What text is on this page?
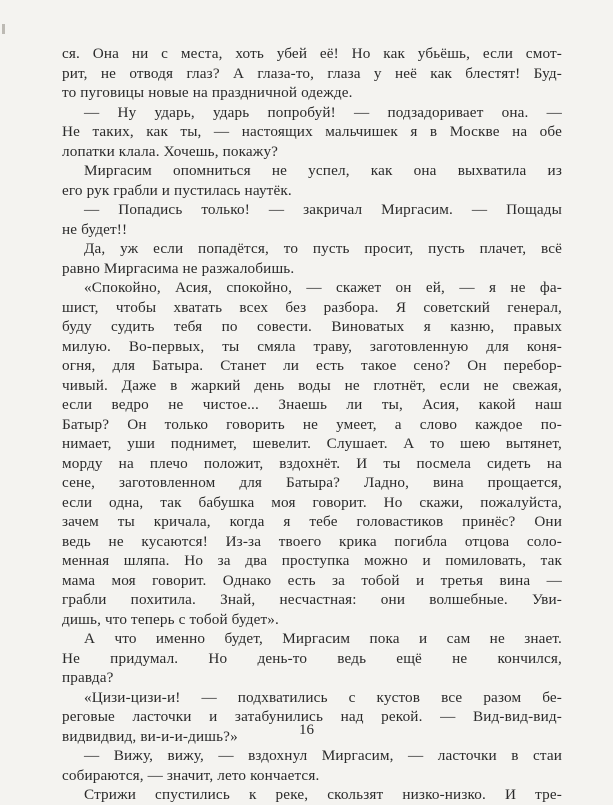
ся. Она ни с места, хоть убей её! Но как убьёшь, если смот-
рит, не отводя глаз? А глаза-то, глаза у неё как блестят! Буд-
то пуговицы новые на праздничной одежде.
— Ну ударь, ударь попробуй! — подзадоривает она. —
Не таких, как ты, — настоящих мальчишек я в Москве на обе
лопатки клала. Хочешь, покажу?
Миргасим опомниться не успел, как она выхватила из
его рук грабли и пустилась наутёк.
— Попадись только! — закричал Миргасим. — Пощады
не будет!!
Да, уж если попадётся, то пусть просит, пусть плачет, всё
равно Миргасима не разжалобишь.
«Спокойно, Асия, спокойно, — скажет он ей, — я не фа-
шист, чтобы хватать всех без разбора. Я советский генерал,
буду судить тебя по совести. Виноватых я казню, правых
милую. Во-первых, ты смяла траву, заготовленную для коня-
огня, для Батыра. Станет ли есть такое сено? Он перебор-
чивый. Даже в жаркий день воды не глотнёт, если не свежая,
если ведро не чистое... Знаешь ли ты, Асия, какой наш
Батыр? Он только говорить не умеет, а слово каждое по-
нимает, уши поднимет, шевелит. Слушает. А то шею вытянет,
морду на плечо положит, вздохнёт. И ты посмела сидеть на
сене, заготовленном для Батыра? Ладно, вина прощается,
если одна, так бабушка моя говорит. Но скажи, пожалуйста,
зачем ты кричала, когда я тебе головастиков принёс? Они
ведь не кусаются! Из-за твоего крика погибла отцова соло-
менная шляпа. Но за два проступка можно и помиловать, так
мама моя говорит. Однако есть за тобой и третья вина —
грабли похитила. Знай, несчастная: они волшебные. Уви-
дишь, что теперь с тобой будет».
А что именно будет, Миргасим пока и сам не знает.
Не придумал. Но день-то ведь ещё не кончился,
правда?
«Цизи-цизи-и! — подхватились с кустов все разом бе-
реговые ласточки и затабунились над рекой. — Вид-вид-вид-
видвидвид, ви-и-и-дишь?»
— Вижу, вижу, — вздохнул Миргасим, — ласточки в стаи
собираются, — значит, лето кончается.
Стрижи спустились к реке, скользят низко-низко. И тре-
16
